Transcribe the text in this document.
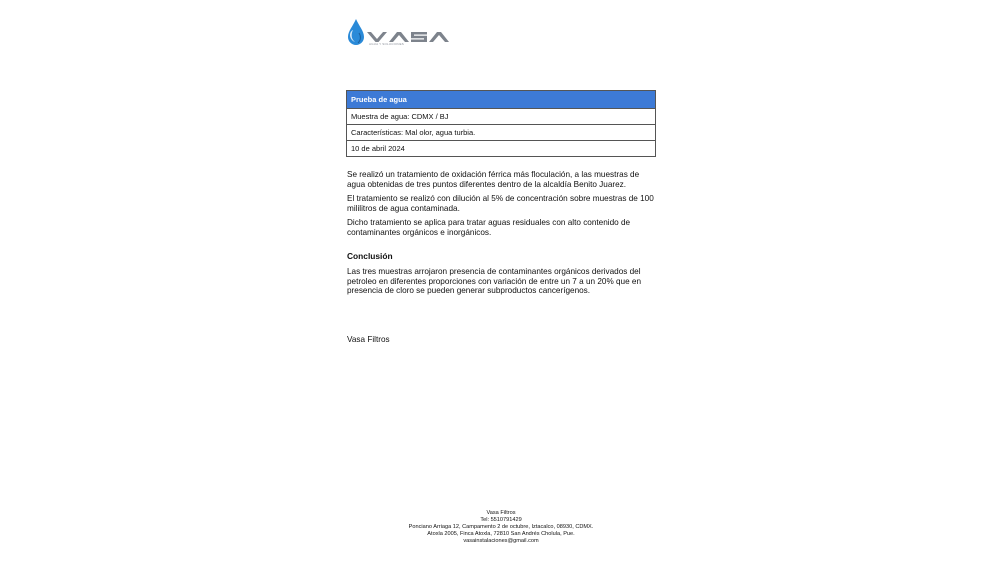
AGUA Y SOLUCIONES
Prueba de agua
Muestra de agua: CDMX / BJ
Características: Mal olor, agua turbia.
10 de abril 2024

Se realizó un tratamiento de oxidación férrica más floculación, a las muestras de agua obtenidas de tres puntos diferentes dentro de la alcaldía Benito Juarez.

El tratamiento se realizó con dilución al 5% de concentración sobre muestras de 100 mililitros de agua contaminada.

Dicho tratamiento se aplica para tratar aguas residuales con alto contenido de contaminantes orgánicos e inorgánicos.

Conclusión

Las tres muestras arrojaron presencia de contaminantes orgánicos derivados del petroleo en diferentes proporciones con variación de entre un 7 a un 20% que en presencia de cloro se pueden generar subproductos cancerígenos.

Vasa Filtros
Vasa Filtros
Tel: 5510791429
Ponciano Arriaga 12, Campamento 2 de octubre, Iztacalco, 08930, CDMX.
Atoxla 2005, Finca Atoxla, 72810 San Andrés Cholula, Pue.
vasainstalaciones@gmail.com
